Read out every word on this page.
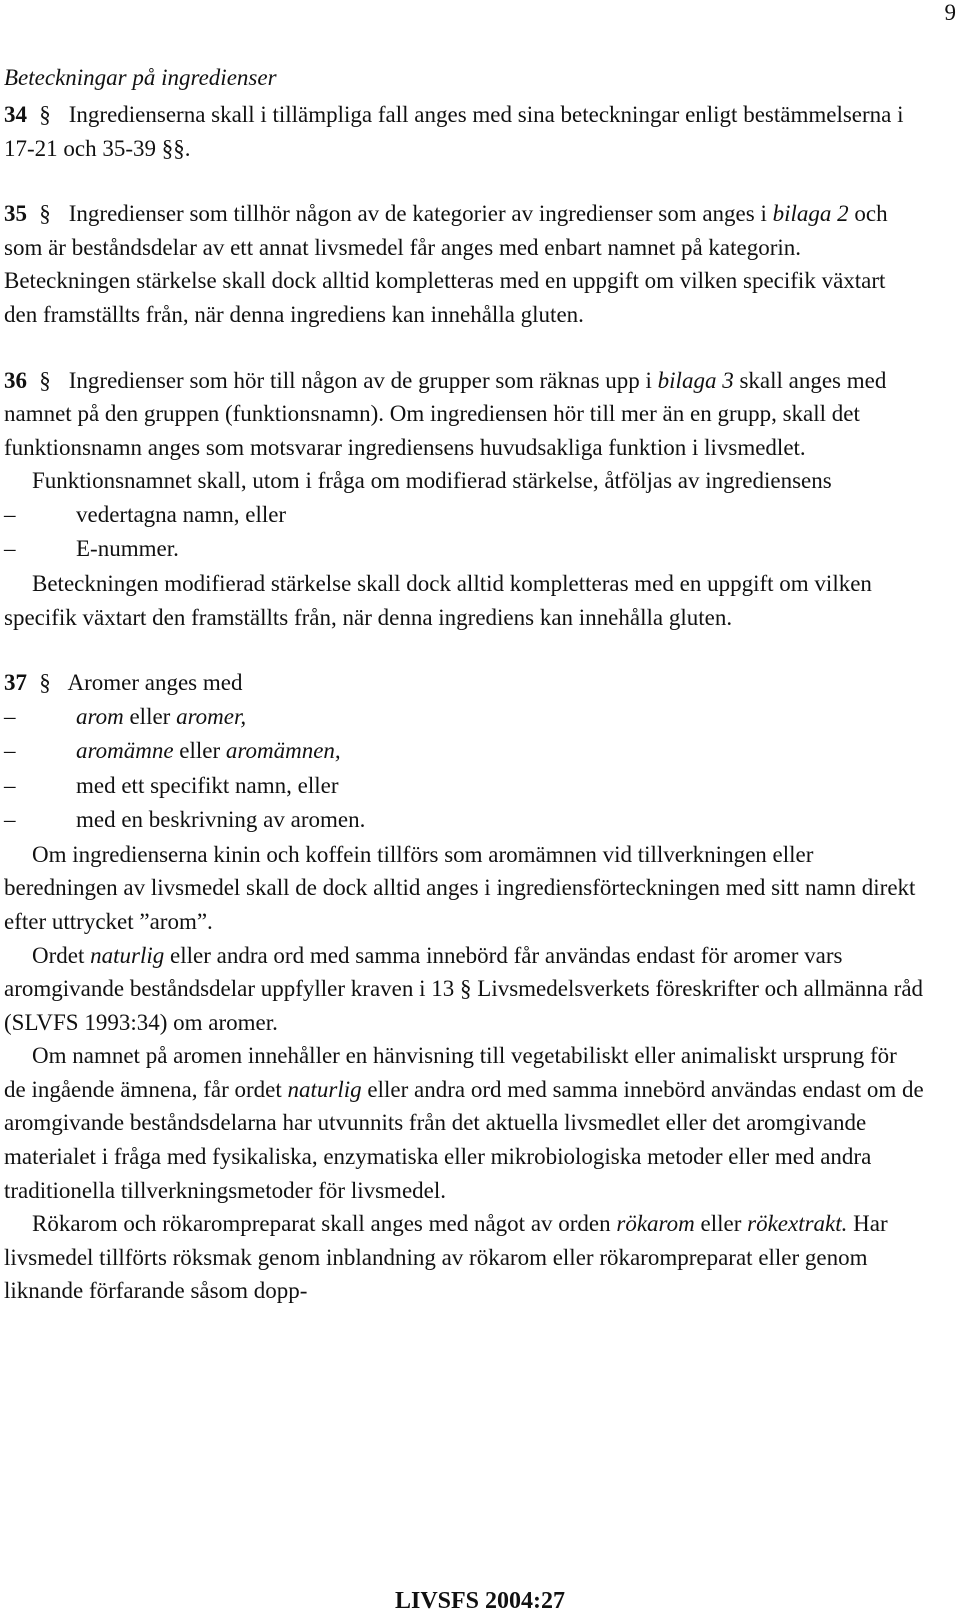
9

Beteckningar på ingredienser

34 § Ingredienserna skall i tillämpliga fall anges med sina beteckningar enligt bestämmelserna i 17-21 och 35-39 §§.

35 § Ingredienser som tillhör någon av de kategorier av ingredienser som anges i bilaga 2 och som är beståndsdelar av ett annat livsmedel får anges med enbart namnet på kategorin. Beteckningen stärkelse skall dock alltid kompletteras med en uppgift om vilken specifik växtart den framställts från, när denna ingrediens kan innehålla gluten.

36 § Ingredienser som hör till någon av de grupper som räknas upp i bilaga 3 skall anges med namnet på den gruppen (funktionsnamn). Om ingrediensen hör till mer än en grupp, skall det funktionsnamn anges som motsvarar ingrediensens huvudsakliga funktion i livsmedlet.

Funktionsnamnet skall, utom i fråga om modifierad stärkelse, åtföljas av ingrediensens

–	vedertagna namn, eller
–	E-nummer.

Beteckningen modifierad stärkelse skall dock alltid kompletteras med en uppgift om vilken specifik växtart den framställts från, när denna ingrediens kan innehålla gluten.

37 § Aromer anges med

–	arom eller aromer,
–	aromämne eller aromämnen,
–	med ett specifikt namn, eller
–	med en beskrivning av aromen.

Om ingredienserna kinin och koffein tillförs som aromämnen vid tillverkningen eller beredningen av livsmedel skall de dock alltid anges i ingrediensförteckningen med sitt namn direkt efter uttrycket ”arom”.

Ordet naturlig eller andra ord med samma innebörd får användas endast för aromer vars aromgivande beståndsdelar uppfyller kraven i 13 § Livsmedelsverkets föreskrifter och allmänna råd (SLVFS 1993:34) om aromer.

Om namnet på aromen innehåller en hänvisning till vegetabiliskt eller animaliskt ursprung för de ingående ämnena, får ordet naturlig eller andra ord med samma innebörd användas endast om de aromgivande beståndsdelarna har utvunnits från det aktuella livsmedlet eller det aromgivande materialet i fråga med fysikaliska, enzymatiska eller mikrobiologiska metoder eller med andra traditionella tillverkningsmetoder för livsmedel.

Rökarom och rökarompreparat skall anges med något av orden rökarom eller rökextrakt. Har livsmedel tillförts röksmak genom inblandning av rökarom eller rökarompreparat eller genom liknande förfarande såsom dopp-

LIVSFS 2004:27
